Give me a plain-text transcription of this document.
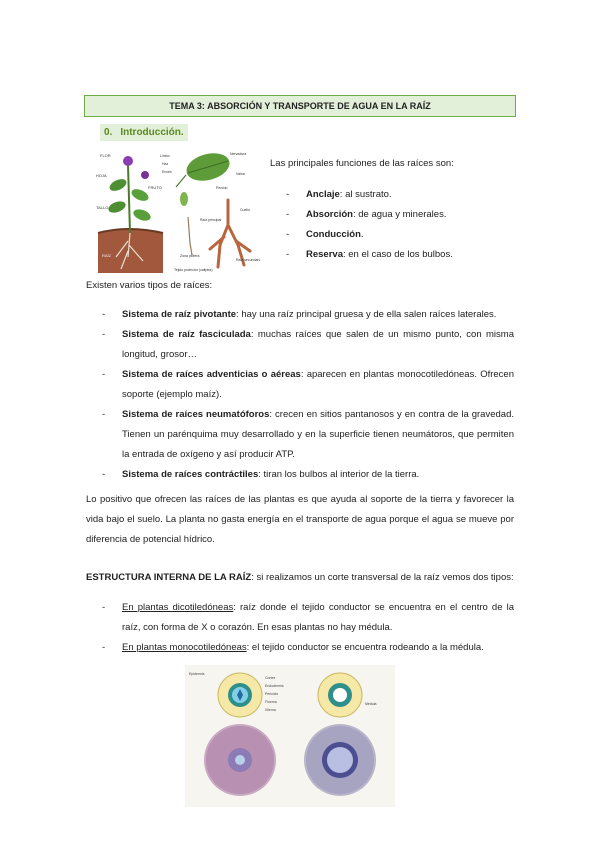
TEMA 3: ABSORCIÓN Y TRANSPORTE DE AGUA EN LA RAÍZ
0. Introducción.
FLOR
HOJA
TALLO
FRUTO
RAÍZ
Limbo
Haz
Envés
Nervadura
Peciolo
Vaina
Cuello
Raíz principal
Raíz secundaria
Zona pilífera
Tejido protector (caliptra)
Las principales funciones de las raíces son:
- Anclaje: al sustrato.
- Absorción: de agua y minerales.
- Conducción.
- Reserva: en el caso de los bulbos.
Existen varios tipos de raíces:
- Sistema de raíz pivotante: hay una raíz principal gruesa y de ella salen raíces laterales.
- Sistema de raíz fasciculada: muchas raíces que salen de un mismo punto, con misma longitud, grosor…
- Sistema de raíces adventicias o aéreas: aparecen en plantas monocotiledóneas. Ofrecen soporte (ejemplo maíz).
- Sistema de raíces neumatóforos: crecen en sitios pantanosos y en contra de la gravedad. Tienen un parénquima muy desarrollado y en la superficie tienen neumátoros, que permiten la entrada de oxígeno y así producir ATP.
- Sistema de raíces contráctiles: tiran los bulbos al interior de la tierra.

Lo positivo que ofrecen las raíces de las plantas es que ayuda al soporte de la tierra y favorecer la vida bajo el suelo. La planta no gasta energía en el transporte de agua porque el agua se mueve por diferencia de potencial hídrico.

ESTRUCTURA INTERNA DE LA RAÍZ: si realizamos un corte transversal de la raíz vemos dos tipos:
- En plantas dicotiledóneas: raíz donde el tejido conductor se encuentra en el centro de la raíz, con forma de X o corazón. En esas plantas no hay médula.
- En plantas monocotiledóneas: el tejido conductor se encuentra rodeando a la médula.
Epidermis
Córtex
Endodermis
Periciclo
Floema
Xilema
Médula
